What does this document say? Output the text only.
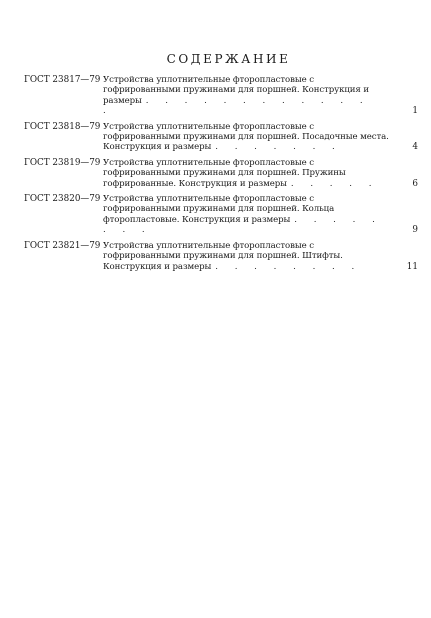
СОДЕРЖАНИЕ
ГОСТ 23817—79 Устройства уплотнительные фторопластовые с гофрированными пружинами для поршней. Конструкция и размеры . . . . . . . . . . . . .	1
ГОСТ 23818—79 Устройства уплотнительные фторопластовые с гофрированными пружинами для поршней. Посадочные места. Конструкция и размеры . . . . . . .	4
ГОСТ 23819—79 Устройства уплотнительные фторопластовые с гофрированными пружинами для поршней. Пружины гофрированные. Конструкция и размеры . . . . .	6
ГОСТ 23820—79 Устройства уплотнительные фторопластовые с гофрированными пружинами для поршней. Кольца фторопластовые. Конструкция и размеры . . . . . . . .	9
ГОСТ 23821—79 Устройства уплотнительные фторопластовые с гофрированными пружинами для поршней. Штифты. Конструкция и размеры . . . . . . . .	11
